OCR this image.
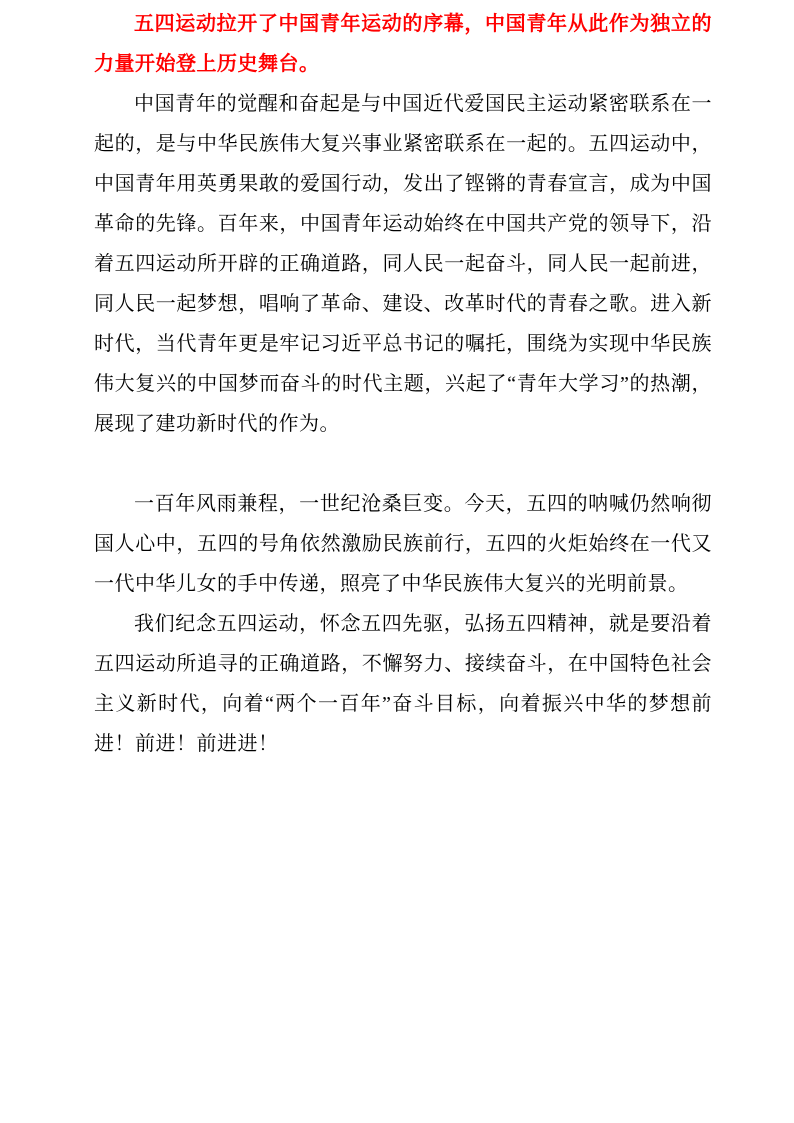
五四运动拉开了中国青年运动的序幕，中国青年从此作为独立的力量开始登上历史舞台。

中国青年的觉醒和奋起是与中国近代爱国民主运动紧密联系在一起的，是与中华民族伟大复兴事业紧密联系在一起的。五四运动中，中国青年用英勇果敢的爱国行动，发出了铿锵的青春宣言，成为中国革命的先锋。百年来，中国青年运动始终在中国共产党的领导下，沿着五四运动所开辟的正确道路，同人民一起奋斗，同人民一起前进，同人民一起梦想，唱响了革命、建设、改革时代的青春之歌。进入新时代，当代青年更是牢记习近平总书记的嘱托，围绕为实现中华民族伟大复兴的中国梦而奋斗的时代主题，兴起了“青年大学习”的热潮，展现了建功新时代的作为。

一百年风雨兼程，一世纪沧桑巨变。今天，五四的呐喊仍然响彻国人心中，五四的号角依然激励民族前行，五四的火炬始终在一代又一代中华儿女的手中传递，照亮了中华民族伟大复兴的光明前景。

我们纪念五四运动，怀念五四先驱，弘扬五四精神，就是要沿着五四运动所追寻的正确道路，不懈努力、接续奋斗，在中国特色社会主义新时代，向着“两个一百年”奋斗目标，向着振兴中华的梦想前进！前进！前进进！
